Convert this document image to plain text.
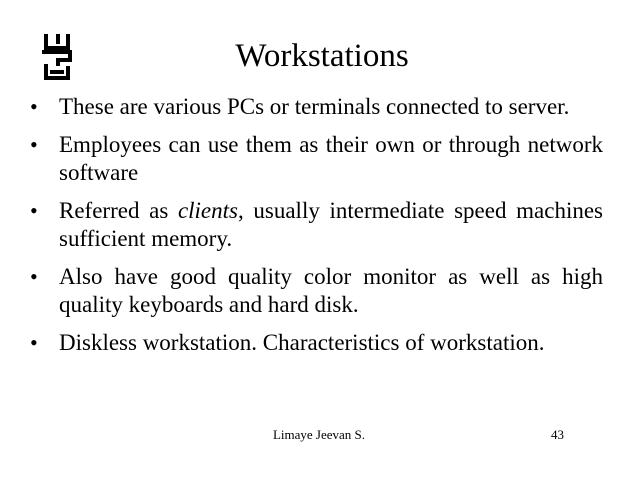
Workstations
• These are various PCs or terminals connected to server.
• Employees can use them as their own or through network software
• Referred as clients, usually intermediate speed machines sufficient memory.
• Also have good quality color monitor as well as high quality keyboards and hard disk.
• Diskless workstation. Characteristics of workstation.
Limaye Jeevan S.	43
